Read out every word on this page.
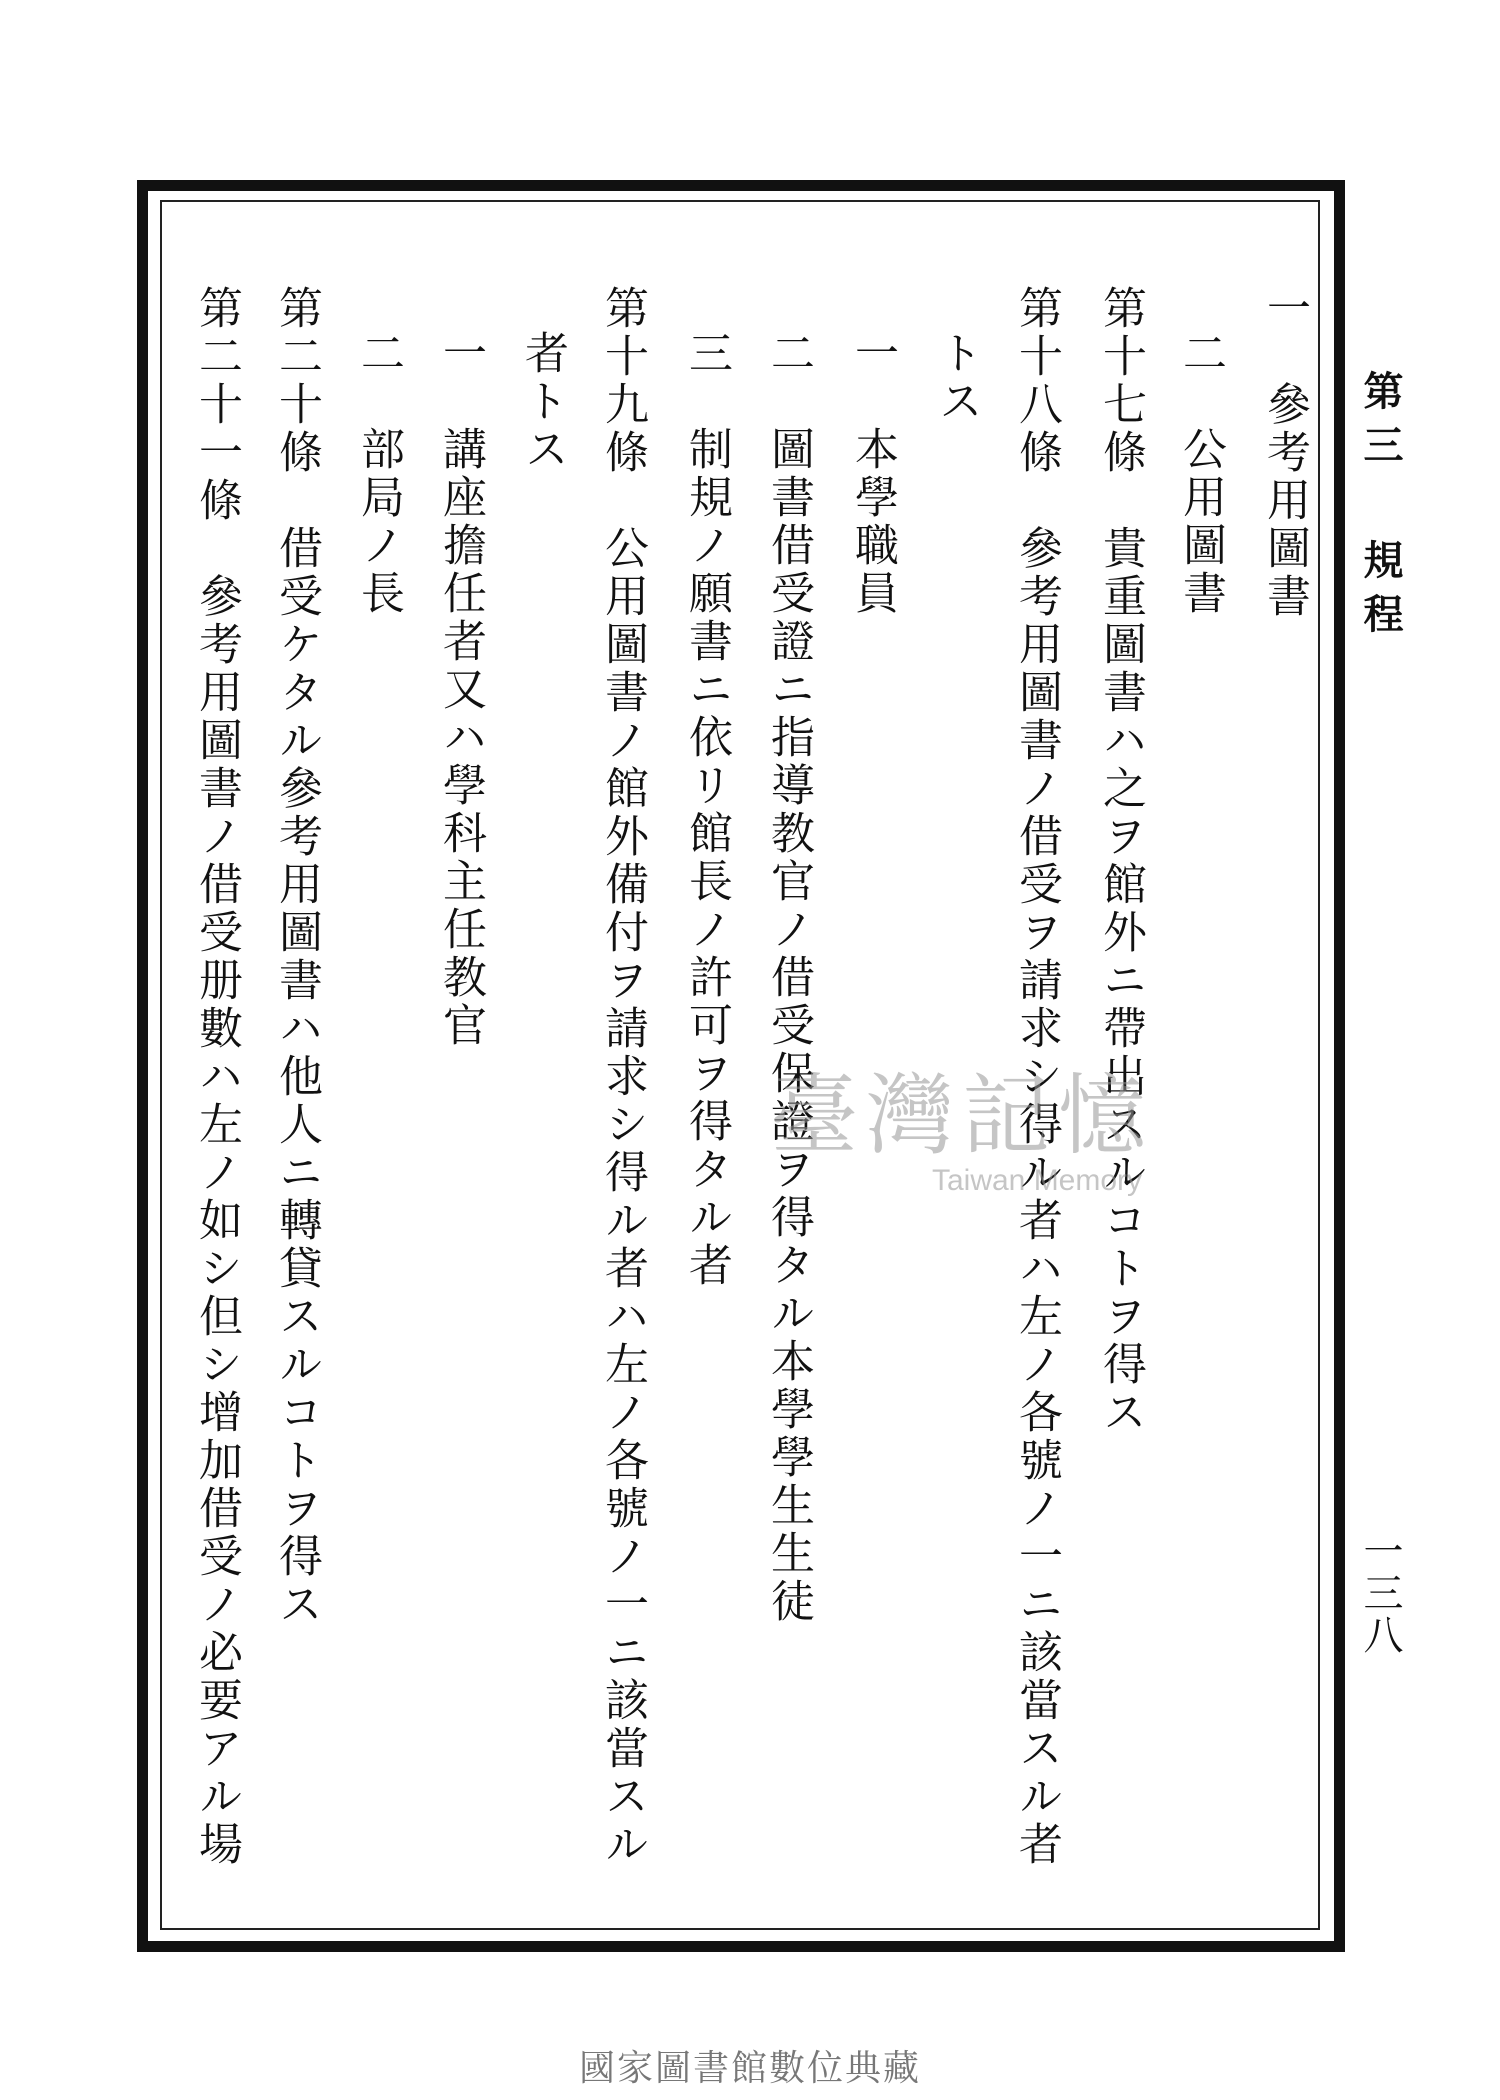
第三 規程
一三八
一　參考用圖書
二　公用圖書
第十七條　貴重圖書ハ之ヲ館外ニ帶出スルコトヲ得ス
第十八條　參考用圖書ノ借受ヲ請求シ得ル者ハ左ノ各號ノ一ニ該當スル者
トス
一　本學職員
二　圖書借受證ニ指導教官ノ借受保證ヲ得タル本學學生生徒
三　制規ノ願書ニ依リ館長ノ許可ヲ得タル者
第十九條　公用圖書ノ館外備付ヲ請求シ得ル者ハ左ノ各號ノ一ニ該當スル
者トス
一　講座擔任者又ハ學科主任教官
二　部局ノ長
第二十條　借受ケタル參考用圖書ハ他人ニ轉貸スルコトヲ得ス
第二十一條　參考用圖書ノ借受册數ハ左ノ如シ但シ增加借受ノ必要アル場	臺灣記憶
Taiwan Memory
國家圖書館數位典藏
